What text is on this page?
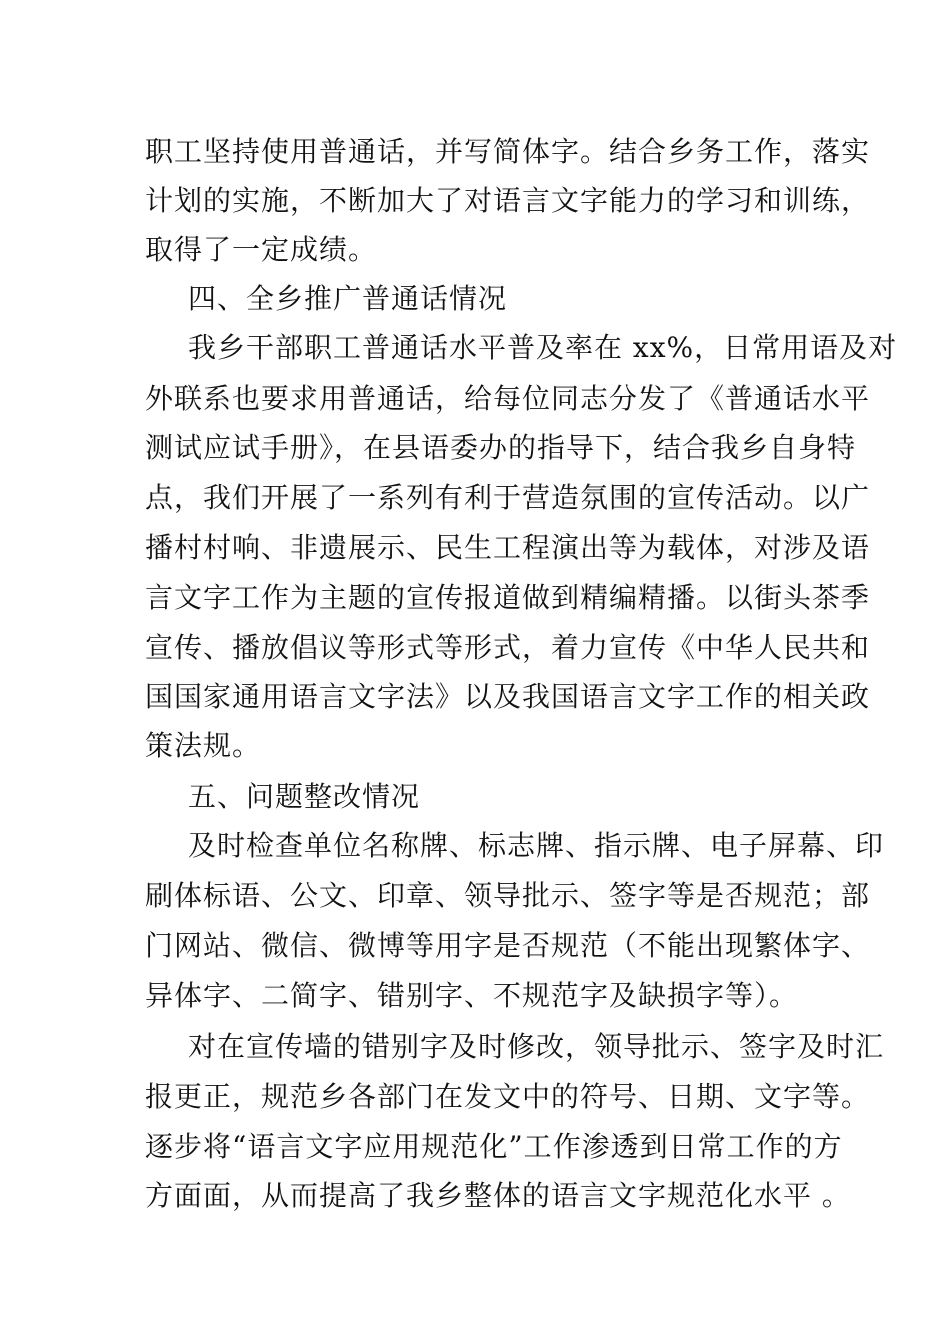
职工坚持使用普通话，并写简体字。结合乡务工作，落实
计划的实施，不断加大了对语言文字能力的学习和训练，
取得了一定成绩。
四、全乡推广普通话情况
我乡干部职工普通话水平普及率在 xx%，日常用语及对
外联系也要求用普通话，给每位同志分发了《普通话水平
测试应试手册》，在县语委办的指导下，结合我乡自身特
点，我们开展了一系列有利于营造氛围的宣传活动。以广
播村村响、非遗展示、民生工程演出等为载体，对涉及语
言文字工作为主题的宣传报道做到精编精播。以街头茶季
宣传、播放倡议等形式等形式，着力宣传《中华人民共和
国国家通用语言文字法》以及我国语言文字工作的相关政
策法规。
五、问题整改情况
及时检查单位名称牌、标志牌、指示牌、电子屏幕、印
刷体标语、公文、印章、领导批示、签字等是否规范；部
门网站、微信、微博等用字是否规范（不能出现繁体字、
异体字、二简字、错别字、不规范字及缺损字等）。
对在宣传墙的错别字及时修改，领导批示、签字及时汇
报更正，规范乡各部门在发文中的符号、日期、文字等。
逐步将“语言文字应用规范化”工作渗透到日常工作的方
方面面，从而提高了我乡整体的语言文字规范化水平 。
